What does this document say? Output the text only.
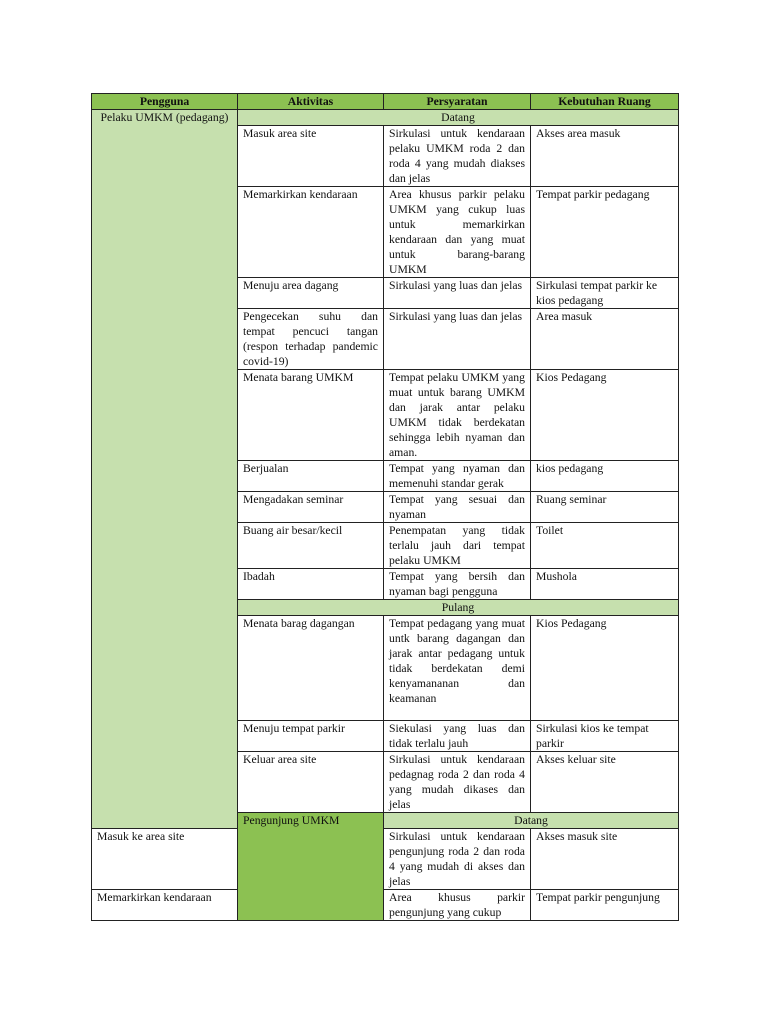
Pengguna	Aktivitas	Persyaratan	Kebutuhan Ruang
Pelaku UMKM (pedagang)	Datang		
	Masuk area site	Sirkulasi untuk kendaraan pelaku UMKM roda 2 dan roda 4 yang mudah diakses dan jelas	Akses area masuk
	Memarkirkan kendaraan	Area khusus parkir pelaku UMKM yang cukup luas untuk memarkirkan kendaraan dan yang muat untuk barang-barang UMKM	Tempat parkir pedagang
	Menuju area dagang	Sirkulasi yang luas dan jelas	Sirkulasi tempat parkir ke kios pedagang
	Pengecekan suhu dan tempat pencuci tangan (respon terhadap pandemic covid-19)	Sirkulasi yang luas dan jelas	Area masuk
	Menata barang UMKM	Tempat pelaku UMKM yang muat untuk barang UMKM dan jarak antar pelaku UMKM tidak berdekatan sehingga lebih nyaman dan aman.	Kios Pedagang
	Berjualan	Tempat yang nyaman dan memenuhi standar gerak	kios pedagang
	Mengadakan seminar	Tempat yang sesuai dan nyaman	Ruang seminar
	Buang air besar/kecil	Penempatan yang tidak terlalu jauh dari tempat pelaku UMKM	Toilet
	Ibadah	Tempat yang bersih dan nyaman bagi pengguna	Mushola
	Pulang		
	Menata barag dagangan	Tempat pedagang yang muat untk barang dagangan dan jarak antar pedagang untuk tidak berdekatan demi kenyamananan dan keamanan	Kios Pedagang
	Menuju tempat parkir	Siekulasi yang luas dan tidak terlalu jauh	Sirkulasi kios ke tempat parkir
	Keluar area site	Sirkulasi untuk kendaraan pedagnag roda 2 dan roda 4 yang mudah dikases dan jelas	Akses keluar site
	Pengunjung UMKM	Datang	
Masuk ke area site		Sirkulasi untuk kendaraan pengunjung roda 2 dan roda 4 yang mudah di akses dan jelas	Akses masuk site
Memarkirkan kendaraan		Area khusus parkir pengunjung yang cukup	Tempat parkir pengunjung
